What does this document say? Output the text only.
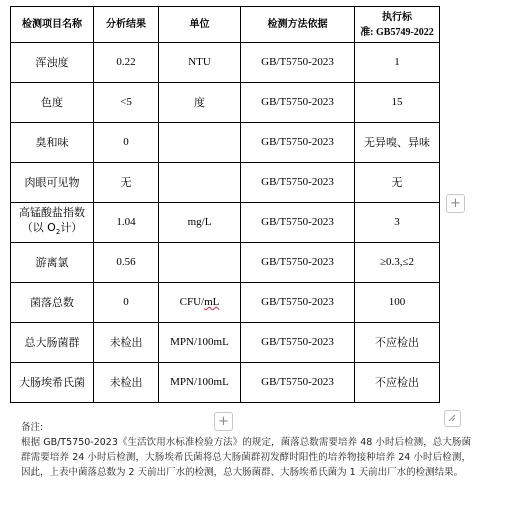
检测项目名称	分析结果	单位	检测方法依据	执行标
准: GB5749-2022

浑浊度	0.22	NTU	GB/T5750-2023	1
色度	<5	度	GB/T5750-2023	15
臭和味	0		GB/T5750-2023	无异嗅、异味
肉眼可见物	无		GB/T5750-2023	无

高锰酸盐指数
（以 $O_2$计）	1.04	mg/L	GB/T5750-2023	3
游离氯	0.56		GB/T5750-2023	≥0.3,≤2
菌落总数	0	CFU/mL	GB/T5750-2023	100
总大肠菌群	未检出	MPN/100mL	GB/T5750-2023	不应检出
大肠埃希氏菌	未检出	MPN/100mL	GB/T5750-2023	不应检出
+
+
备注:
根据 GB/T5750-2023《生活饮用水标准检验方法》的规定，菌落总数需要培养 48 小时后检测，总大肠菌群需要培养 24 小时后检测，大肠埃希氏菌将总大肠菌群初发酵时阳性的培养物接种培养 24 小时后检测，因此，上表中菌落总数为 2 天前出厂水的检测，总大肠菌群、大肠埃希氏菌为 1 天前出厂水的检测结果。
